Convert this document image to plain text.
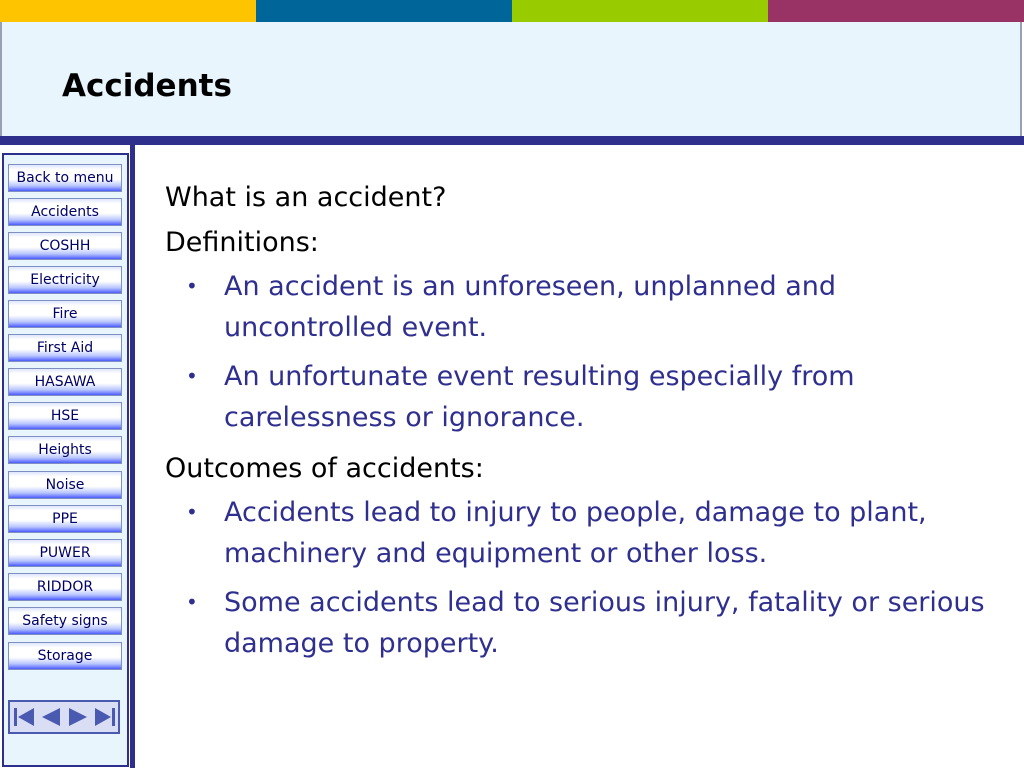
Accidents
Back to menu
Accidents
COSHH
Electricity
Fire
First Aid
HASAWA
HSE
Heights
Noise
PPE
PUWER
RIDDOR
Safety signs
Storage

What is an accident?

Definitions:

• An accident is an unforeseen, unplanned and uncontrolled event.
• An unfortunate event resulting especially from carelessness or ignorance.

Outcomes of accidents:

• Accidents lead to injury to people, damage to plant, machinery and equipment or other loss.
• Some accidents lead to serious injury, fatality or serious damage to property.
